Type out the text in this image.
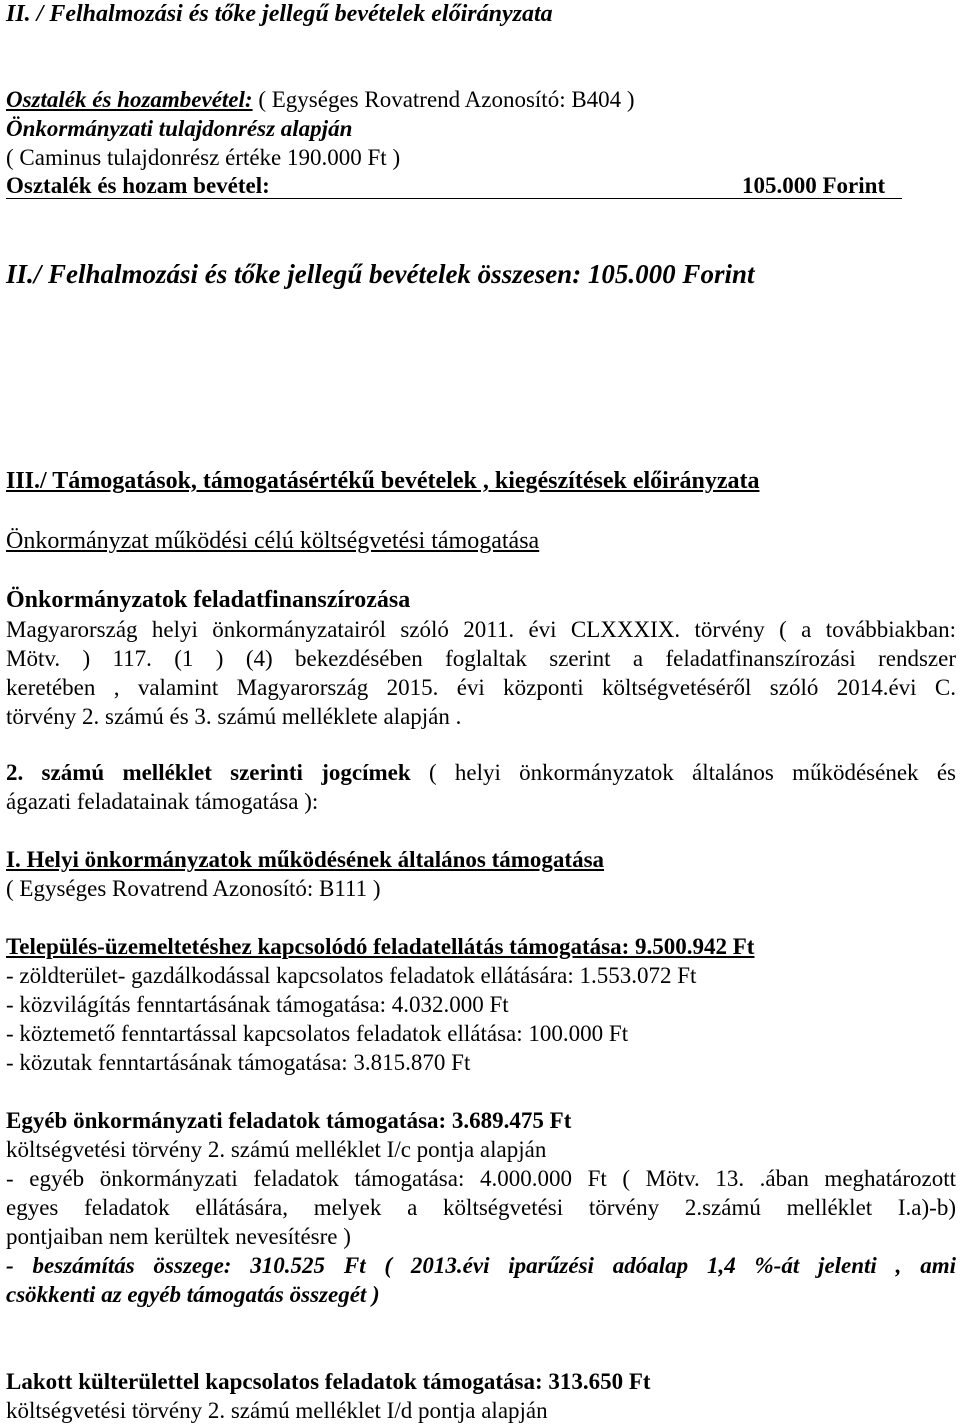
II. / Felhalmozási és tőke jellegű bevételek előirányzata
Osztalék és hozambevétel: ( Egységes Rovatrend Azonosító: B404 )
Önkormányzati tulajdonrész alapján
( Caminus tulajdonrész értéke 190.000 Ft )
Osztalék és hozam bevétel:	105.000 Forint
II./ Felhalmozási és tőke jellegű bevételek összesen: 105.000 Forint
III./ Támogatások, támogatásértékű bevételek , kiegészítések előirányzata
Önkormányzat működési célú költségvetési támogatása
Önkormányzatok feladatfinanszírozása
Magyarország helyi önkormányzatairól szóló 2011. évi CLXXXIX. törvény ( a továbbiakban:
Mötv. ) 117. (1 ) (4) bekezdésében foglaltak szerint a feladatfinanszírozási rendszer
keretében , valamint Magyarország 2015. évi központi költségvetéséről szóló 2014.évi C.
törvény 2. számú és 3. számú melléklete alapján .
2. számú melléklet szerinti jogcímek ( helyi önkormányzatok általános működésének és
ágazati feladatainak támogatása ):
I. Helyi önkormányzatok működésének általános támogatása
( Egységes Rovatrend Azonosító: B111 )
Település-üzemeltetéshez kapcsolódó feladatellátás támogatása: 9.500.942 Ft
- zöldterület- gazdálkodással kapcsolatos feladatok ellátására: 1.553.072 Ft
- közvilágítás fenntartásának támogatása: 4.032.000 Ft
- köztemető fenntartással kapcsolatos feladatok ellátása: 100.000 Ft
- közutak fenntartásának támogatása: 3.815.870 Ft
Egyéb önkormányzati feladatok támogatása: 3.689.475 Ft
költségvetési törvény 2. számú melléklet I/c pontja alapján
- egyéb önkormányzati feladatok támogatása: 4.000.000 Ft ( Mötv. 13. .ában meghatározott
egyes feladatok ellátására, melyek a költségvetési törvény 2.számú melléklet I.a)-b)
pontjaiban nem kerültek nevesítésre )
- beszámítás összege: 310.525 Ft ( 2013.évi iparűzési adóalap 1,4 %-át jelenti , ami
csökkenti az egyéb támogatás összegét )
Lakott külterülettel kapcsolatos feladatok támogatása: 313.650 Ft
költségvetési törvény 2. számú melléklet I/d pontja alapján
